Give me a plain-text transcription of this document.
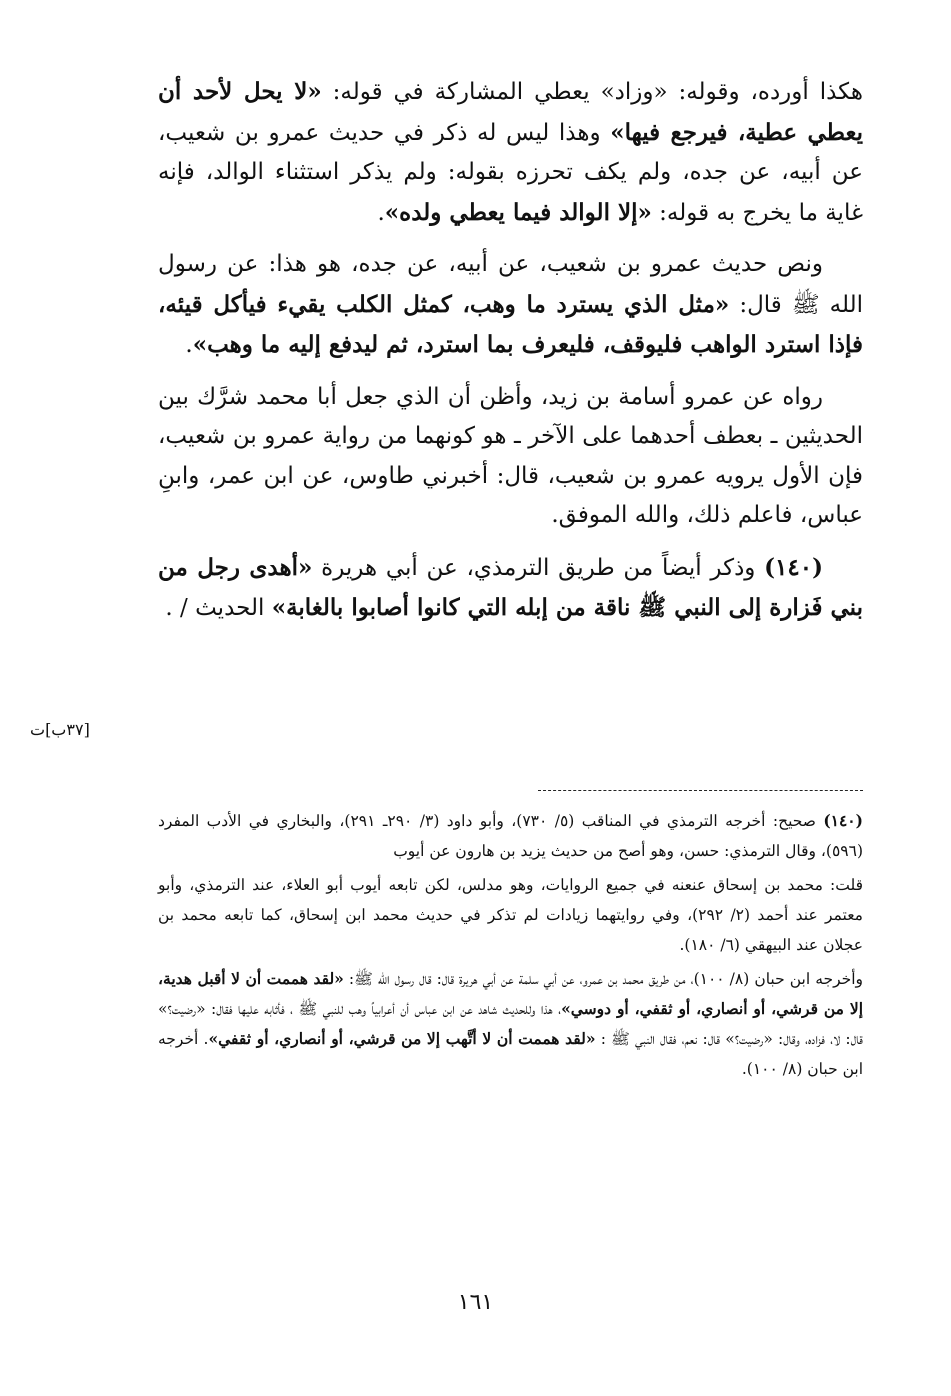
هكذا أورده، وقوله: «وزاد» يعطي المشاركة في قوله: «لا يحل لأحد أن يعطي عطية، فيرجع فيها» وهذا ليس له ذكر في حديث عمرو بن شعيب، عن أبيه، عن جده، ولم يكف تحرزه بقوله: ولم يذكر استثناء الوالد، فإنه غاية ما يخرج به قوله: «إلا الوالد فيما يعطي ولده».

ونص حديث عمرو بن شعيب، عن أبيه، عن جده، هو هذا: عن رسول الله ﷺ قال: «مثل الذي يسترد ما وهب، كمثل الكلب يقيء فيأكل قيئه، فإذا استرد الواهب فليوقف، فليعرف بما استرد، ثم ليدفع إليه ما وهب».

رواه عن عمرو أسامة بن زيد، وأظن أن الذي جعل أبا محمد شرَّك بين الحديثين ـ بعطف أحدهما على الآخر ـ هو كونهما من رواية عمرو بن شعيب، فإن الأول يرويه عمرو بن شعيب، قال: أخبرني طاوس، عن ابن عمر، وابنِ عباس، فاعلم ذلك، والله الموفق.

(١٤٠) وذكر أيضاً من طريق الترمذي، عن أبي هريرة «أهدى رجل من بني فَزارة إلى النبي ﷺ ناقة من إبله التي كانوا أصابوا بالغابة» الحديث / .

[٣٧ب]ت

(١٤٠) صحيح: أخرجه الترمذي في المناقب (٥/ ٧٣٠)، وأبو داود (٣/ ٢٩٠ـ ٢٩١)، والبخاري في الأدب المفرد (٥٩٦)، وقال الترمذي: حسن، وهو أصح من حديث يزيد بن هارون عن أيوب

قلت: محمد بن إسحاق عنعنه في جميع الروايات، وهو مدلس، لكن تابعه أيوب أبو العلاء، عند الترمذي، وأبو معتمر عند أحمد (٢/ ٢٩٢)، وفي روايتهما زيادات لم تذكر في حديث محمد ابن إسحاق، كما تابعه محمد بن عجلان عند البيهقي (٦/ ١٨٠).

وأخرجه ابن حبان (٨/ ١٠٠)، من طريق محمد بن عمرو، عن أبي سلمة عن أبي هريرة قال: قال رسول الله ﷺ: «لقد هممت أن لا أقبل هدية، إلا من قرشي، أو أنصاري، أو ثقفي، أو دوسي»، هذا وللحديث شاهد عن ابن عباس أن أعرابياً وهب للنبي ﷺ ، فأثابه عليها فقال: «رضيت؟» قال: لا، فزاده، وقال: «رضيت؟» قال: نعم، فقال النبي ﷺ : «لقد هممت أن لا أتَّهب إلا من قرشي، أو أنصاري، أو ثقفي». أخرجه ابن حبان (٨/ ١٠٠).

١٦١
